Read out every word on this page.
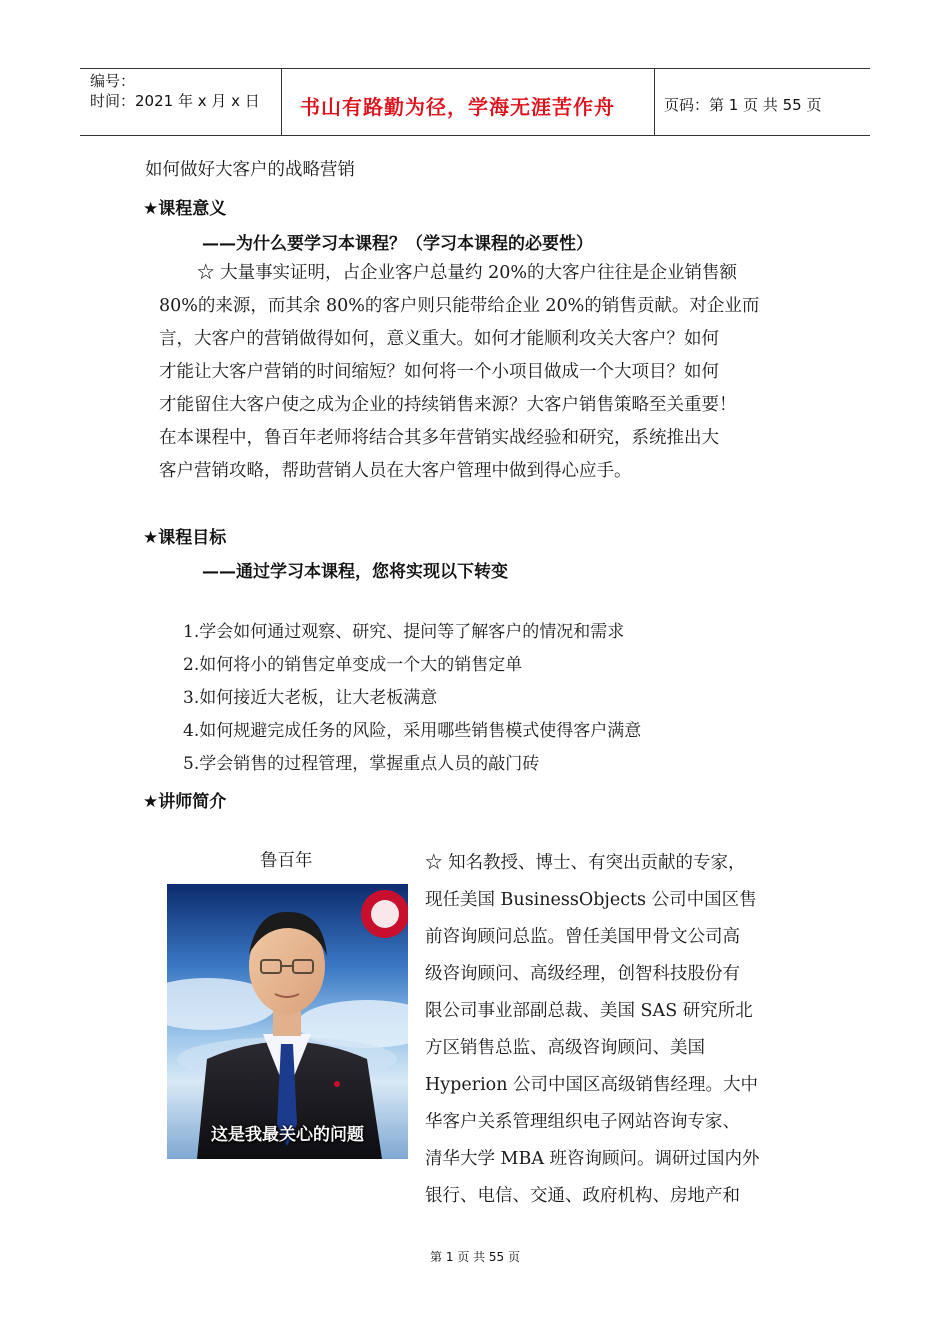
编号：
时间：2021 年 x 月 x 日 书山有路勤为径，学海无涯苦作舟	页码：第 1 页 共 55 页
如何做好大客户的战略营销
★课程意义
——为什么要学习本课程？（学习本课程的必要性）
☆ 大量事实证明，占企业客户总量约 20%的大客户往往是企业销售额
80%的来源，而其余 80%的客户则只能带给企业 20%的销售贡献。对企业而
言，大客户的营销做得如何，意义重大。如何才能顺利攻关大客户？如何
才能让大客户营销的时间缩短？如何将一个小项目做成一个大项目？如何
才能留住大客户使之成为企业的持续销售来源？大客户销售策略至关重要！
在本课程中，鲁百年老师将结合其多年营销实战经验和研究，系统推出大
客户营销攻略，帮助营销人员在大客户管理中做到得心应手。
★课程目标
——通过学习本课程，您将实现以下转变
1.学会如何通过观察、研究、提问等了解客户的情况和需求
2.如何将小的销售定单变成一个大的销售定单
3.如何接近大老板，让大老板满意
4.如何规避完成任务的风险，采用哪些销售模式使得客户满意
5.学会销售的过程管理，掌握重点人员的敲门砖
★讲师简介
鲁百年
这是我最关心的问题
☆ 知名教授、博士、有突出贡献的专家，
现任美国 BusinessObjects 公司中国区售
前咨询顾问总监。曾任美国甲骨文公司高
级咨询顾问、高级经理，创智科技股份有
限公司事业部副总裁、美国 SAS 研究所北
方区销售总监、高级咨询顾问、美国
Hyperion 公司中国区高级销售经理。大中
华客户关系管理组织电子网站咨询专家、
清华大学 MBA 班咨询顾问。调研过国内外
银行、电信、交通、政府机构、房地产和
第 1 页 共 55 页
